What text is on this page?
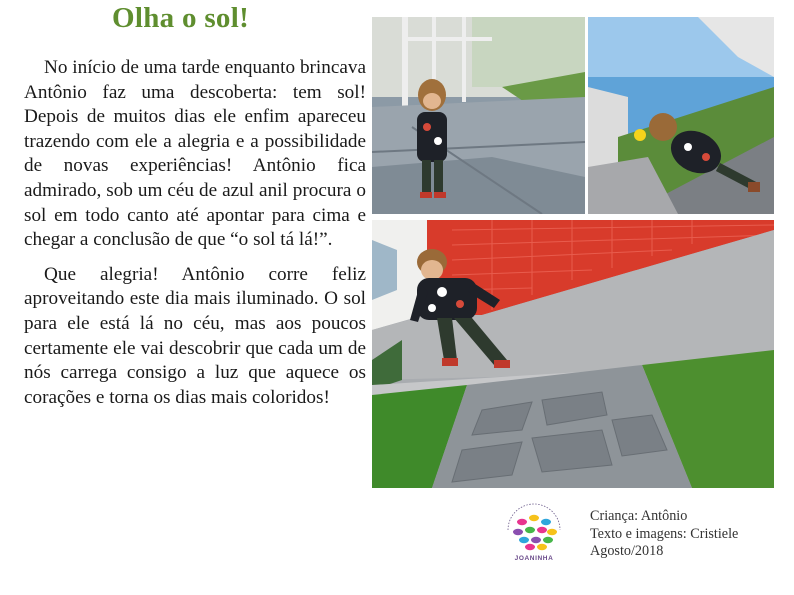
Olha o sol!

No início de uma tarde enquanto brincava Antônio faz uma descoberta: tem sol! Depois de muitos dias ele enfim apareceu trazendo com ele a alegria e a possibilidade de novas experiências! Antônio fica admirado, sob um céu de azul anil procura o sol em todo canto até apontar para cima e chegar a conclusão de que “o sol tá lá!”.

Que alegria! Antônio corre feliz aproveitando este dia mais iluminado. O sol para ele está lá no céu, mas aos poucos certamente ele vai descobrir que cada um de nós carrega consigo a luz que aquece os corações e torna os dias mais coloridos!

JOANINHA
Criança: Antônio
Texto e imagens: Cristiele
Agosto/2018
